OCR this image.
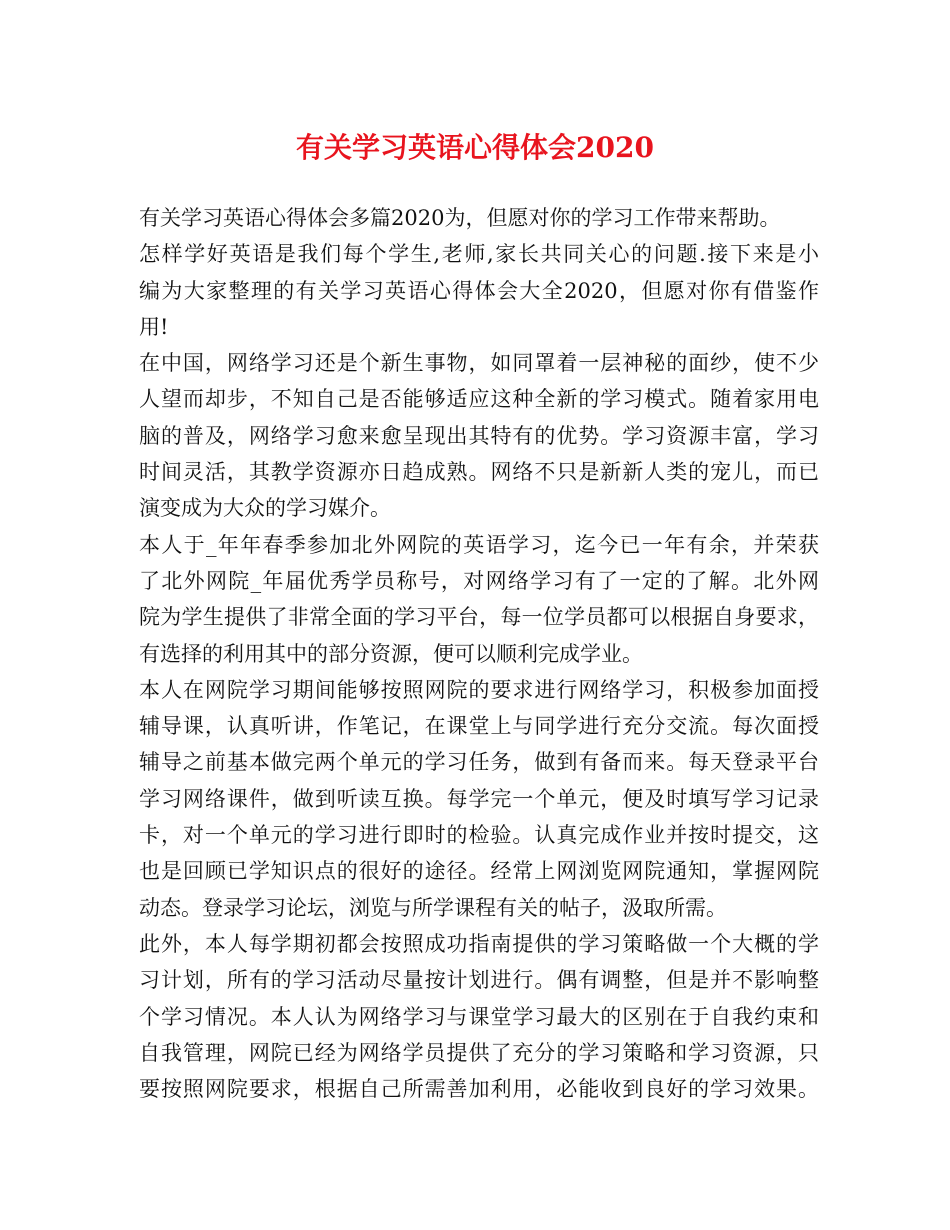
有关学习英语心得体会2020
有关学习英语心得体会多篇2020为，但愿对你的学习工作带来帮助。
怎样学好英语是我们每个学生,老师,家长共同关心的问题.接下来是小
编为大家整理的有关学习英语心得体会大全2020，但愿对你有借鉴作
用!
在中国，网络学习还是个新生事物，如同罩着一层神秘的面纱，使不少
人望而却步，不知自己是否能够适应这种全新的学习模式。随着家用电
脑的普及，网络学习愈来愈呈现出其特有的优势。学习资源丰富，学习
时间灵活，其教学资源亦日趋成熟。网络不只是新新人类的宠儿，而已
演变成为大众的学习媒介。
本人于_年年春季参加北外网院的英语学习，迄今已一年有余，并荣获
了北外网院_年届优秀学员称号，对网络学习有了一定的了解。北外网
院为学生提供了非常全面的学习平台，每一位学员都可以根据自身要求，
有选择的利用其中的部分资源，便可以顺利完成学业。
本人在网院学习期间能够按照网院的要求进行网络学习，积极参加面授
辅导课，认真听讲，作笔记，在课堂上与同学进行充分交流。每次面授
辅导之前基本做完两个单元的学习任务，做到有备而来。每天登录平台
学习网络课件，做到听读互换。每学完一个单元，便及时填写学习记录
卡，对一个单元的学习进行即时的检验。认真完成作业并按时提交，这
也是回顾已学知识点的很好的途径。经常上网浏览网院通知，掌握网院
动态。登录学习论坛，浏览与所学课程有关的帖子，汲取所需。
此外，本人每学期初都会按照成功指南提供的学习策略做一个大概的学
习计划，所有的学习活动尽量按计划进行。偶有调整，但是并不影响整
个学习情况。本人认为网络学习与课堂学习最大的区别在于自我约束和
自我管理，网院已经为网络学员提供了充分的学习策略和学习资源，只
要按照网院要求，根据自己所需善加利用，必能收到良好的学习效果。
